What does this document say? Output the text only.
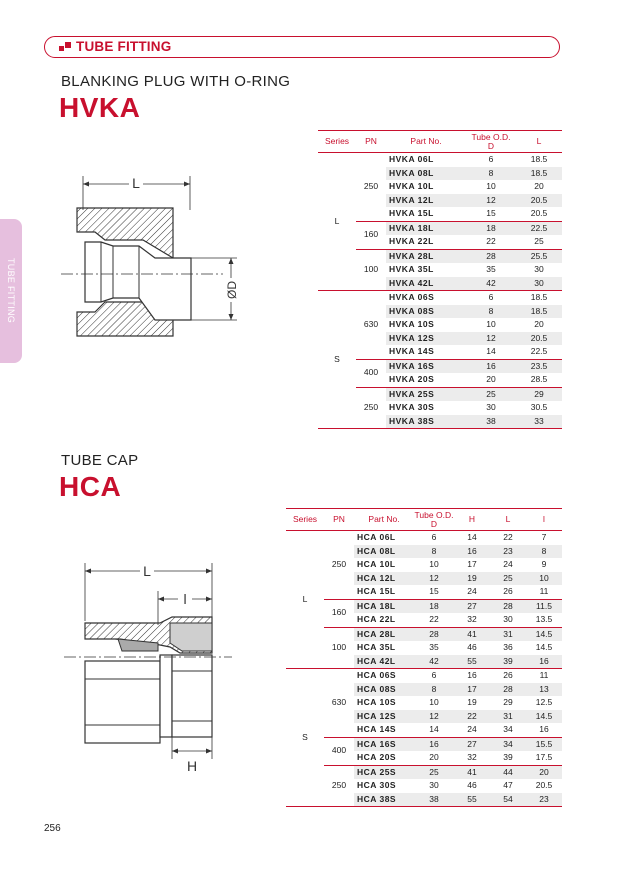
TUBE FITTING
TUBE FITTING
BLANKING PLUG WITH O-RING
HVKA
L
ØD
Series	PN	Part No.	Tube O.D.
D	L
L	250	HVKA 06L	6	18.5
		HVKA 08L	8	18.5
		HVKA 10L	10	20
		HVKA 12L	12	20.5
		HVKA 15L	15	20.5
	160	HVKA 18L	18	22.5
		HVKA 22L	22	25
	100	HVKA 28L	28	25.5
		HVKA 35L	35	30
		HVKA 42L	42	30
S	630	HVKA 06S	6	18.5
		HVKA 08S	8	18.5
		HVKA 10S	10	20
		HVKA 12S	12	20.5
		HVKA 14S	14	22.5
	400	HVKA 16S	16	23.5
		HVKA 20S	20	28.5
	250	HVKA 25S	25	29
		HVKA 30S	30	30.5
		HVKA 38S	38	33
TUBE CAP
HCA
L
l
H
Series	PN	Part No.	Tube O.D.
D	H	L	l
L	250	HCA 06L	6	14	22	7
		HCA 08L	8	16	23	8
		HCA 10L	10	17	24	9
		HCA 12L	12	19	25	10
		HCA 15L	15	24	26	11
	160	HCA 18L	18	27	28	11.5
		HCA 22L	22	32	30	13.5
	100	HCA 28L	28	41	31	14.5
		HCA 35L	35	46	36	14.5
		HCA 42L	42	55	39	16
S	630	HCA 06S	6	16	26	11
		HCA 08S	8	17	28	13
		HCA 10S	10	19	29	12.5
		HCA 12S	12	22	31	14.5
		HCA 14S	14	24	34	16
	400	HCA 16S	16	27	34	15.5
		HCA 20S	20	32	39	17.5
	250	HCA 25S	25	41	44	20
		HCA 30S	30	46	47	20.5
		HCA 38S	38	55	54	23
256
